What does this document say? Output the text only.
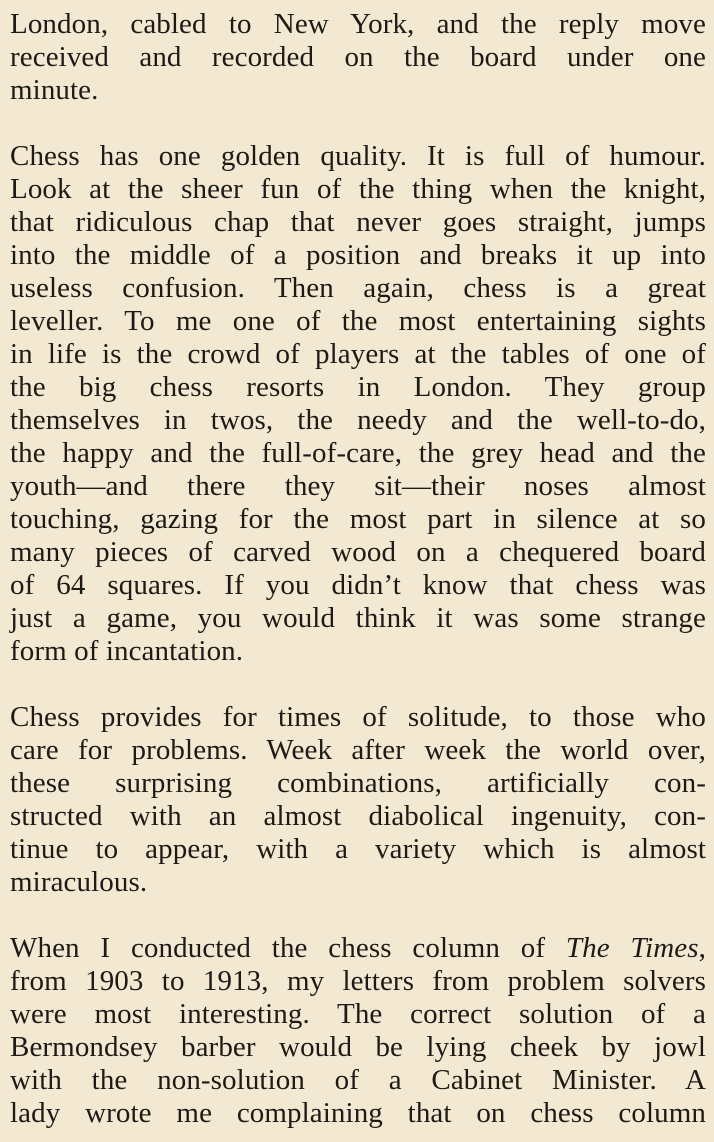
London, cabled to New York, and the reply move
received and recorded on the board under one
minute.
Chess has one golden quality. It is full of humour.
Look at the sheer fun of the thing when the knight,
that ridiculous chap that never goes straight, jumps
into the middle of a position and breaks it up into
useless confusion. Then again, chess is a great
leveller. To me one of the most entertaining sights
in life is the crowd of players at the tables of one of
the big chess resorts in London. They group
themselves in twos, the needy and the well-to-do,
the happy and the full-of-care, the grey head and the
youth—and there they sit—their noses almost
touching, gazing for the most part in silence at so
many pieces of carved wood on a chequered board
of 64 squares. If you didn’t know that chess was
just a game, you would think it was some strange
form of incantation.
Chess provides for times of solitude, to those who
care for problems. Week after week the world over,
these surprising combinations, artificially con-
structed with an almost diabolical ingenuity, con-
tinue to appear, with a variety which is almost
miraculous.
When I conducted the chess column of The Times,
from 1903 to 1913, my letters from problem solvers
were most interesting. The correct solution of a
Bermondsey barber would be lying cheek by jowl
with the non-solution of a Cabinet Minister. A
lady wrote me complaining that on chess column
